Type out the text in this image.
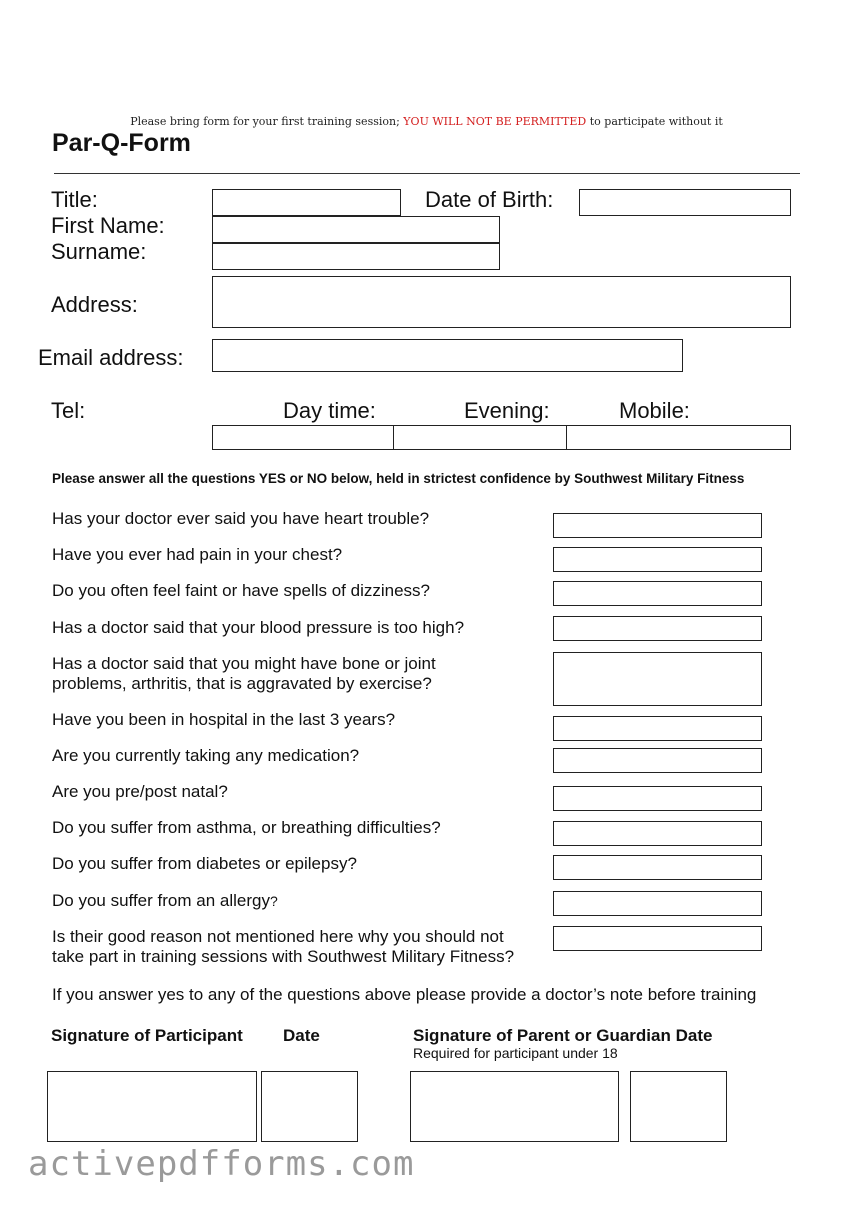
Please bring form for your first training session; YOU WILL NOT BE PERMITTED to participate without it
Par-Q-Form
Title:	Date of Birth:
First Name:
Surname:
Address:
Email address:
Tel:	Day time:	Evening:	Mobile:
Please answer all the questions YES or NO below, held in strictest confidence by Southwest Military Fitness
Has your doctor ever said you have heart trouble?
Have you ever had pain in your chest?
Do you often feel faint or have spells of dizziness?
Has a doctor said that your blood pressure is too high?
Has a doctor said that you might have bone or joint
problems, arthritis, that is aggravated by exercise?
Have you been in hospital in the last 3 years?
Are you currently taking any medication?
Are you pre/post natal?
Do you suffer from asthma, or breathing difficulties?
Do you suffer from diabetes or epilepsy?
Do you suffer from an allergy?
Is their good reason not mentioned here why you should not
take part in training sessions with Southwest Military Fitness?
If you answer yes to any of the questions above please provide a doctor’s note before training
Signature of Participant Date	Signature of Parent or Guardian Date
Required for participant under 18
activepdfforms.com
